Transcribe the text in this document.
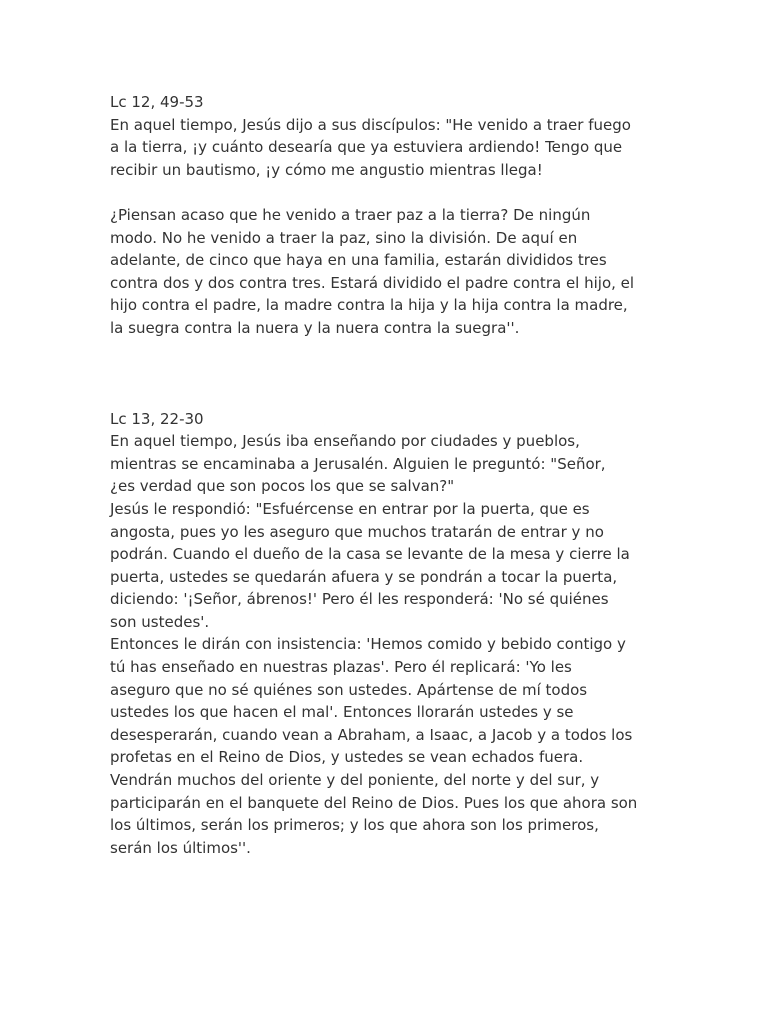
Lc 12, 49-53
En aquel tiempo, Jesús dijo a sus discípulos: "He venido a traer fuego
a la tierra, ¡y cuánto desearía que ya estuviera ardiendo! Tengo que
recibir un bautismo, ¡y cómo me angustio mientras llega!
¿Piensan acaso que he venido a traer paz a la tierra? De ningún
modo. No he venido a traer la paz, sino la división. De aquí en
adelante, de cinco que haya en una familia, estarán divididos tres
contra dos y dos contra tres. Estará dividido el padre contra el hijo, el
hijo contra el padre, la madre contra la hija y la hija contra la madre,
la suegra contra la nuera y la nuera contra la suegra''.
Lc 13, 22-30
En aquel tiempo, Jesús iba enseñando por ciudades y pueblos,
mientras se encaminaba a Jerusalén. Alguien le preguntó: "Señor,
¿es verdad que son pocos los que se salvan?"
Jesús le respondió: "Esfuércense en entrar por la puerta, que es
angosta, pues yo les aseguro que muchos tratarán de entrar y no
podrán. Cuando el dueño de la casa se levante de la mesa y cierre la
puerta, ustedes se quedarán afuera y se pondrán a tocar la puerta,
diciendo: '¡Señor, ábrenos!' Pero él les responderá: 'No sé quiénes
son ustedes'.
Entonces le dirán con insistencia: 'Hemos comido y bebido contigo y
tú has enseñado en nuestras plazas'. Pero él replicará: 'Yo les
aseguro que no sé quiénes son ustedes. Apártense de mí todos
ustedes los que hacen el mal'. Entonces llorarán ustedes y se
desesperarán, cuando vean a Abraham, a Isaac, a Jacob y a todos los
profetas en el Reino de Dios, y ustedes se vean echados fuera.
Vendrán muchos del oriente y del poniente, del norte y del sur, y
participarán en el banquete del Reino de Dios. Pues los que ahora son
los últimos, serán los primeros; y los que ahora son los primeros,
serán los últimos''.
